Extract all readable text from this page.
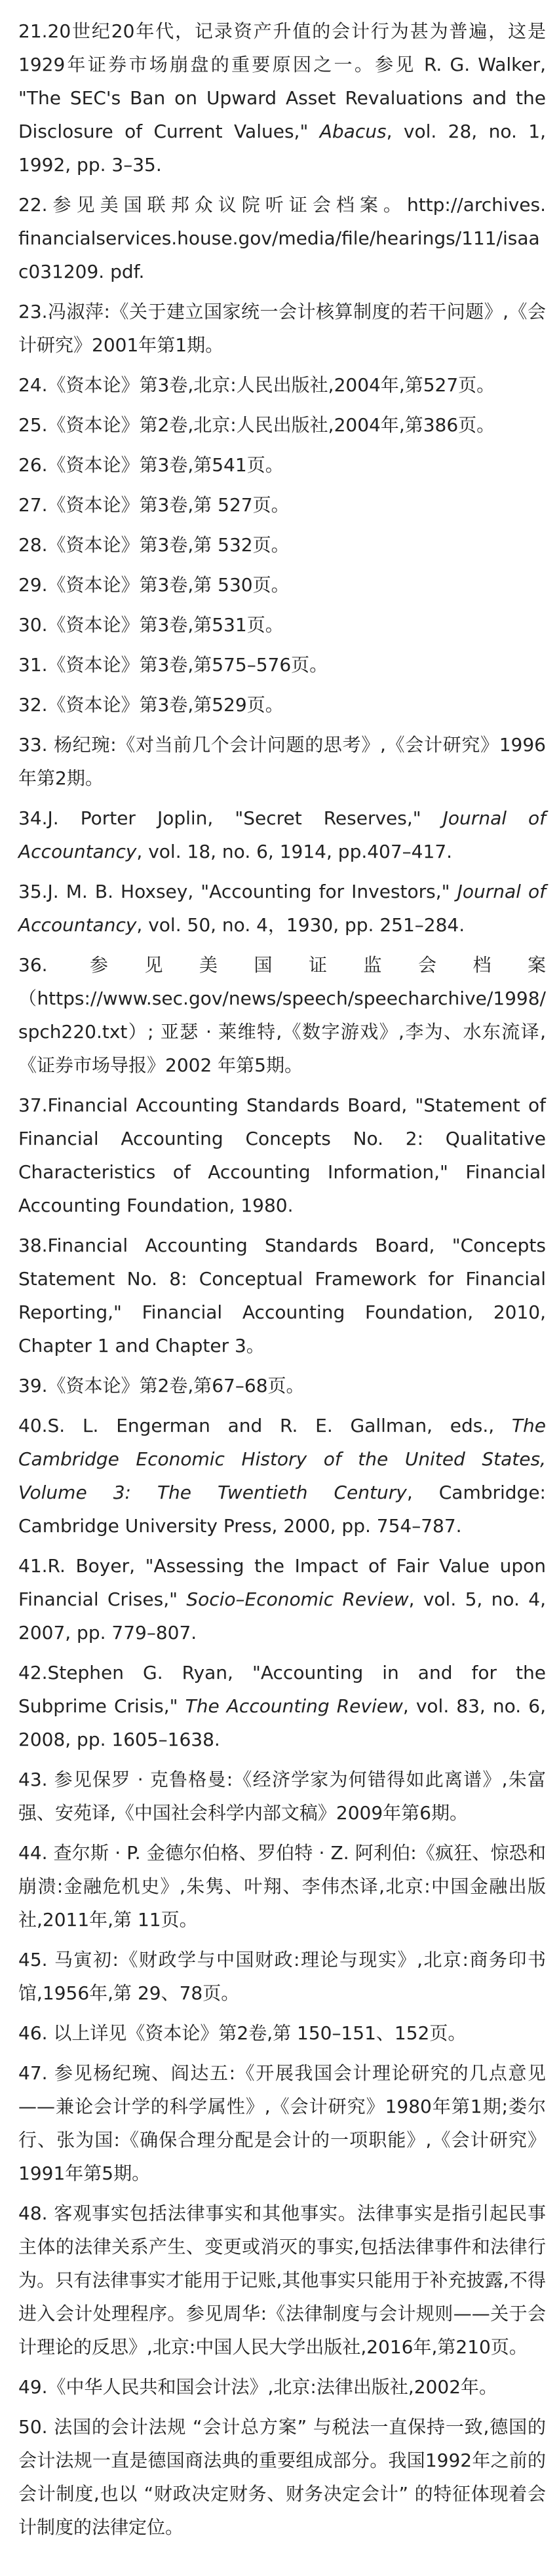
21.20世纪20年代，记录资产升值的会计行为甚为普遍，这是1929年证券市场崩盘的重要原因之一。参见 R. G. Walker, "The SEC's Ban on Upward Asset Revaluations and the Disclosure of Current Values," Abacus, vol. 28, no. 1, 1992, pp. 3–35.

22.参见美国联邦众议院听证会档案。http://archives. financialservices.house.gov/media/file/hearings/111/isaac031209. pdf.

23.冯淑萍:《关于建立国家统一会计核算制度的若干问题》,《会计研究》2001年第1期。

24.《资本论》第3卷,北京:人民出版社,2004年,第527页。

25.《资本论》第2卷,北京:人民出版社,2004年,第386页。

26.《资本论》第3卷,第541页。

27.《资本论》第3卷,第 527页。

28.《资本论》第3卷,第 532页。

29.《资本论》第3卷,第 530页。

30.《资本论》第3卷,第531页。

31.《资本论》第3卷,第575–576页。

32.《资本论》第3卷,第529页。

33. 杨纪琬:《对当前几个会计问题的思考》,《会计研究》1996年第2期。

34.J. Porter Joplin, "Secret Reserves," Journal of Accountancy, vol. 18, no. 6, 1914, pp.407–417.

35.J. M. B. Hoxsey, "Accounting for Investors," Journal of Accountancy, vol. 50, no. 4，1930, pp. 251–284.

36. 参见美国证监会档案（https://www.sec.gov/news/speech/speecharchive/1998/spch220.txt）; 亚瑟 · 莱维特,《数字游戏》,李为、水东流译,《证券市场导报》2002 年第5期。

37.Financial Accounting Standards Board, "Statement of Financial Accounting Concepts No. 2: Qualitative Characteristics of Accounting Information," Financial Accounting Foundation, 1980.

38.Financial Accounting Standards Board, "Concepts Statement No. 8: Conceptual Framework for Financial Reporting," Financial Accounting Foundation, 2010, Chapter 1 and Chapter 3。

39.《资本论》第2卷,第67–68页。

40.S. L. Engerman and R. E. Gallman, eds., The Cambridge Economic History of the United States, Volume 3: The Twentieth Century, Cambridge: Cambridge University Press, 2000, pp. 754–787.

41.R. Boyer, "Assessing the Impact of Fair Value upon Financial Crises," Socio–Economic Review, vol. 5, no. 4, 2007, pp. 779–807.

42.Stephen G. Ryan, "Accounting in and for the Subprime Crisis," The Accounting Review, vol. 83, no. 6, 2008, pp. 1605–1638.

43. 参见保罗 · 克鲁格曼:《经济学家为何错得如此离谱》,朱富强、安苑译,《中国社会科学内部文稿》2009年第6期。

44. 查尔斯 · P. 金德尔伯格、罗伯特 · Z. 阿利伯:《疯狂、惊恐和崩溃:金融危机史》,朱隽、叶翔、李伟杰译,北京:中国金融出版社,2011年,第 11页。

45. 马寅初:《财政学与中国财政:理论与现实》,北京:商务印书馆,1956年,第 29、78页。

46. 以上详见《资本论》第2卷,第 150–151、152页。

47. 参见杨纪琬、阎达五:《开展我国会计理论研究的几点意见——兼论会计学的科学属性》,《会计研究》1980年第1期;娄尔行、张为国:《确保合理分配是会计的一项职能》,《会计研究》1991年第5期。

48. 客观事实包括法律事实和其他事实。法律事实是指引起民事主体的法律关系产生、变更或消灭的事实,包括法律事件和法律行为。只有法律事实才能用于记账,其他事实只能用于补充披露,不得进入会计处理程序。参见周华:《法律制度与会计规则——关于会计理论的反思》,北京:中国人民大学出版社,2016年,第210页。

49.《中华人民共和国会计法》,北京:法律出版社,2002年。

50. 法国的会计法规 “会计总方案” 与税法一直保持一致,德国的会计法规一直是德国商法典的重要组成部分。我国1992年之前的会计制度,也以 “财政决定财务、财务决定会计” 的特征体现着会计制度的法律定位。
